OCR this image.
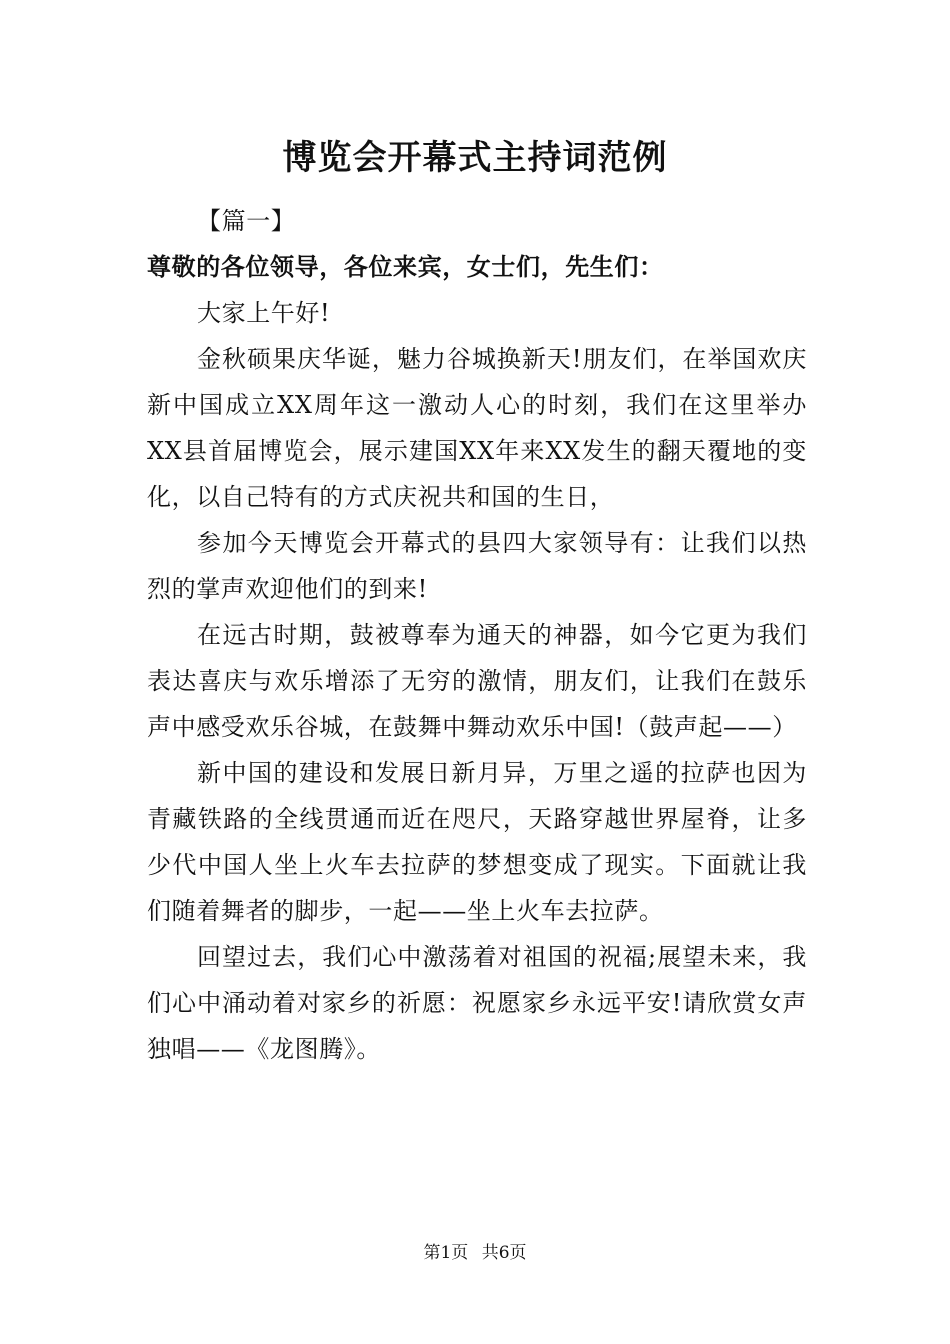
博览会开幕式主持词范例

【篇一】

尊敬的各位领导，各位来宾，女士们，先生们：

大家上午好!

金秋硕果庆华诞，魅力谷城换新天!朋友们，在举国欢庆新中国成立XX周年这一激动人心的时刻，我们在这里举办XX县首届博览会，展示建国XX年来XX发生的翻天覆地的变化，以自己特有的方式庆祝共和国的生日，

参加今天博览会开幕式的县四大家领导有：让我们以热烈的掌声欢迎他们的到来!

在远古时期，鼓被尊奉为通天的神器，如今它更为我们表达喜庆与欢乐增添了无穷的激情，朋友们，让我们在鼓乐声中感受欢乐谷城，在鼓舞中舞动欢乐中国!（鼓声起——）

新中国的建设和发展日新月异，万里之遥的拉萨也因为青藏铁路的全线贯通而近在咫尺，天路穿越世界屋脊，让多少代中国人坐上火车去拉萨的梦想变成了现实。下面就让我们随着舞者的脚步，一起——坐上火车去拉萨。

回望过去，我们心中激荡着对祖国的祝福;展望未来，我们心中涌动着对家乡的祈愿：祝愿家乡永远平安!请欣赏女声独唱——《龙图腾》。

第1页 共6页
